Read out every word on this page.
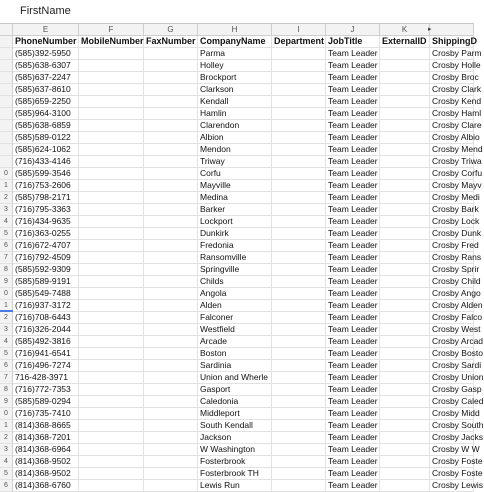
FirstName
E	F	G	H	I	J	K	▸
PhoneNumber MobileNumber FaxNumber CompanyName Department JobTitle	ExternalID ShippingD
(585)392-5950	Parma	Team Leader	Crosby Parm
(585)638-6307	Holley	Team Leader	Crosby Holle
(585)637-2247	Brockport	Team Leader	Crosby Broc
(585)637-8610	Clarkson	Team Leader	Crosby Clark
(585)659-2250	Kendall	Team Leader	Crosby Kend
(585)964-3100	Hamlin	Team Leader	Crosby Haml
(585)638-6859	Clarendon	Team Leader	Crosby Clare
(585)589-0122	Albion	Team Leader	Crosby Albio
(585)624-1062	Mendon	Team Leader	Crosby Mend
(716)433-4146	Triway	Team Leader	Crosby Triwa
0 (585)599-3546	Corfu	Team Leader	Crosby Corfu
1 (716)753-2606	Mayville	Team Leader	Crosby Mayv
2 (585)798-2171	Medina	Team Leader	Crosby Medi
3 (716)795-3363	Barker	Team Leader	Crosby Bark
4 (716)434-9635	Lockport	Team Leader	Crosby Lock
5 (716)363-0255	Dunkirk	Team Leader	Crosby Dunk
6 (716)672-4707	Fredonia	Team Leader	Crosby Fred
7 (716)792-4509	Ransomville	Team Leader	Crosby Rans
8 (585)592-9309	Springville	Team Leader	Crosby Sprir
9 (585)589-9191	Childs	Team Leader	Crosby Child
0 (585)549-7488	Angola	Team Leader	Crosby Ango
1 (716)937-3172	Alden	Team Leader	Crosby Alden
2 (716)708-6443	Falconer	Team Leader	Crosby Falco
3 (716)326-2044	Westfield	Team Leader	Crosby West
4 (585)492-3816	Arcade	Team Leader	Crosby Arcad
5 (716)941-6541	Boston	Team Leader	Crosby Bosto
6 (716)496-7274	Sardinia	Team Leader	Crosby Sardi
7 716-428-3971	Union and Wherle	Team Leader	Crosby Union
8 (716)772-7353	Gasport	Team Leader	Crosby Gasp
9 (585)589-0294	Caledonia	Team Leader	Crosby Caled
0 (716)735-7410	Middleport	Team Leader	Crosby Midd
1 (814)368-8665	South Kendall	Team Leader	Crosby South
2 (814)368-7201	Jackson	Team Leader	Crosby Jacks
3 (814)368-6964	W Washington	Team Leader	Crosby W W
4 (814)368-9502	Fosterbrook	Team Leader	Crosby Foste
5 (814)368-9502	Fosterbrook TH	Team Leader	Crosby Foste
6 (814)368-6760	Lewis Run	Team Leader	Crosby Lewis
